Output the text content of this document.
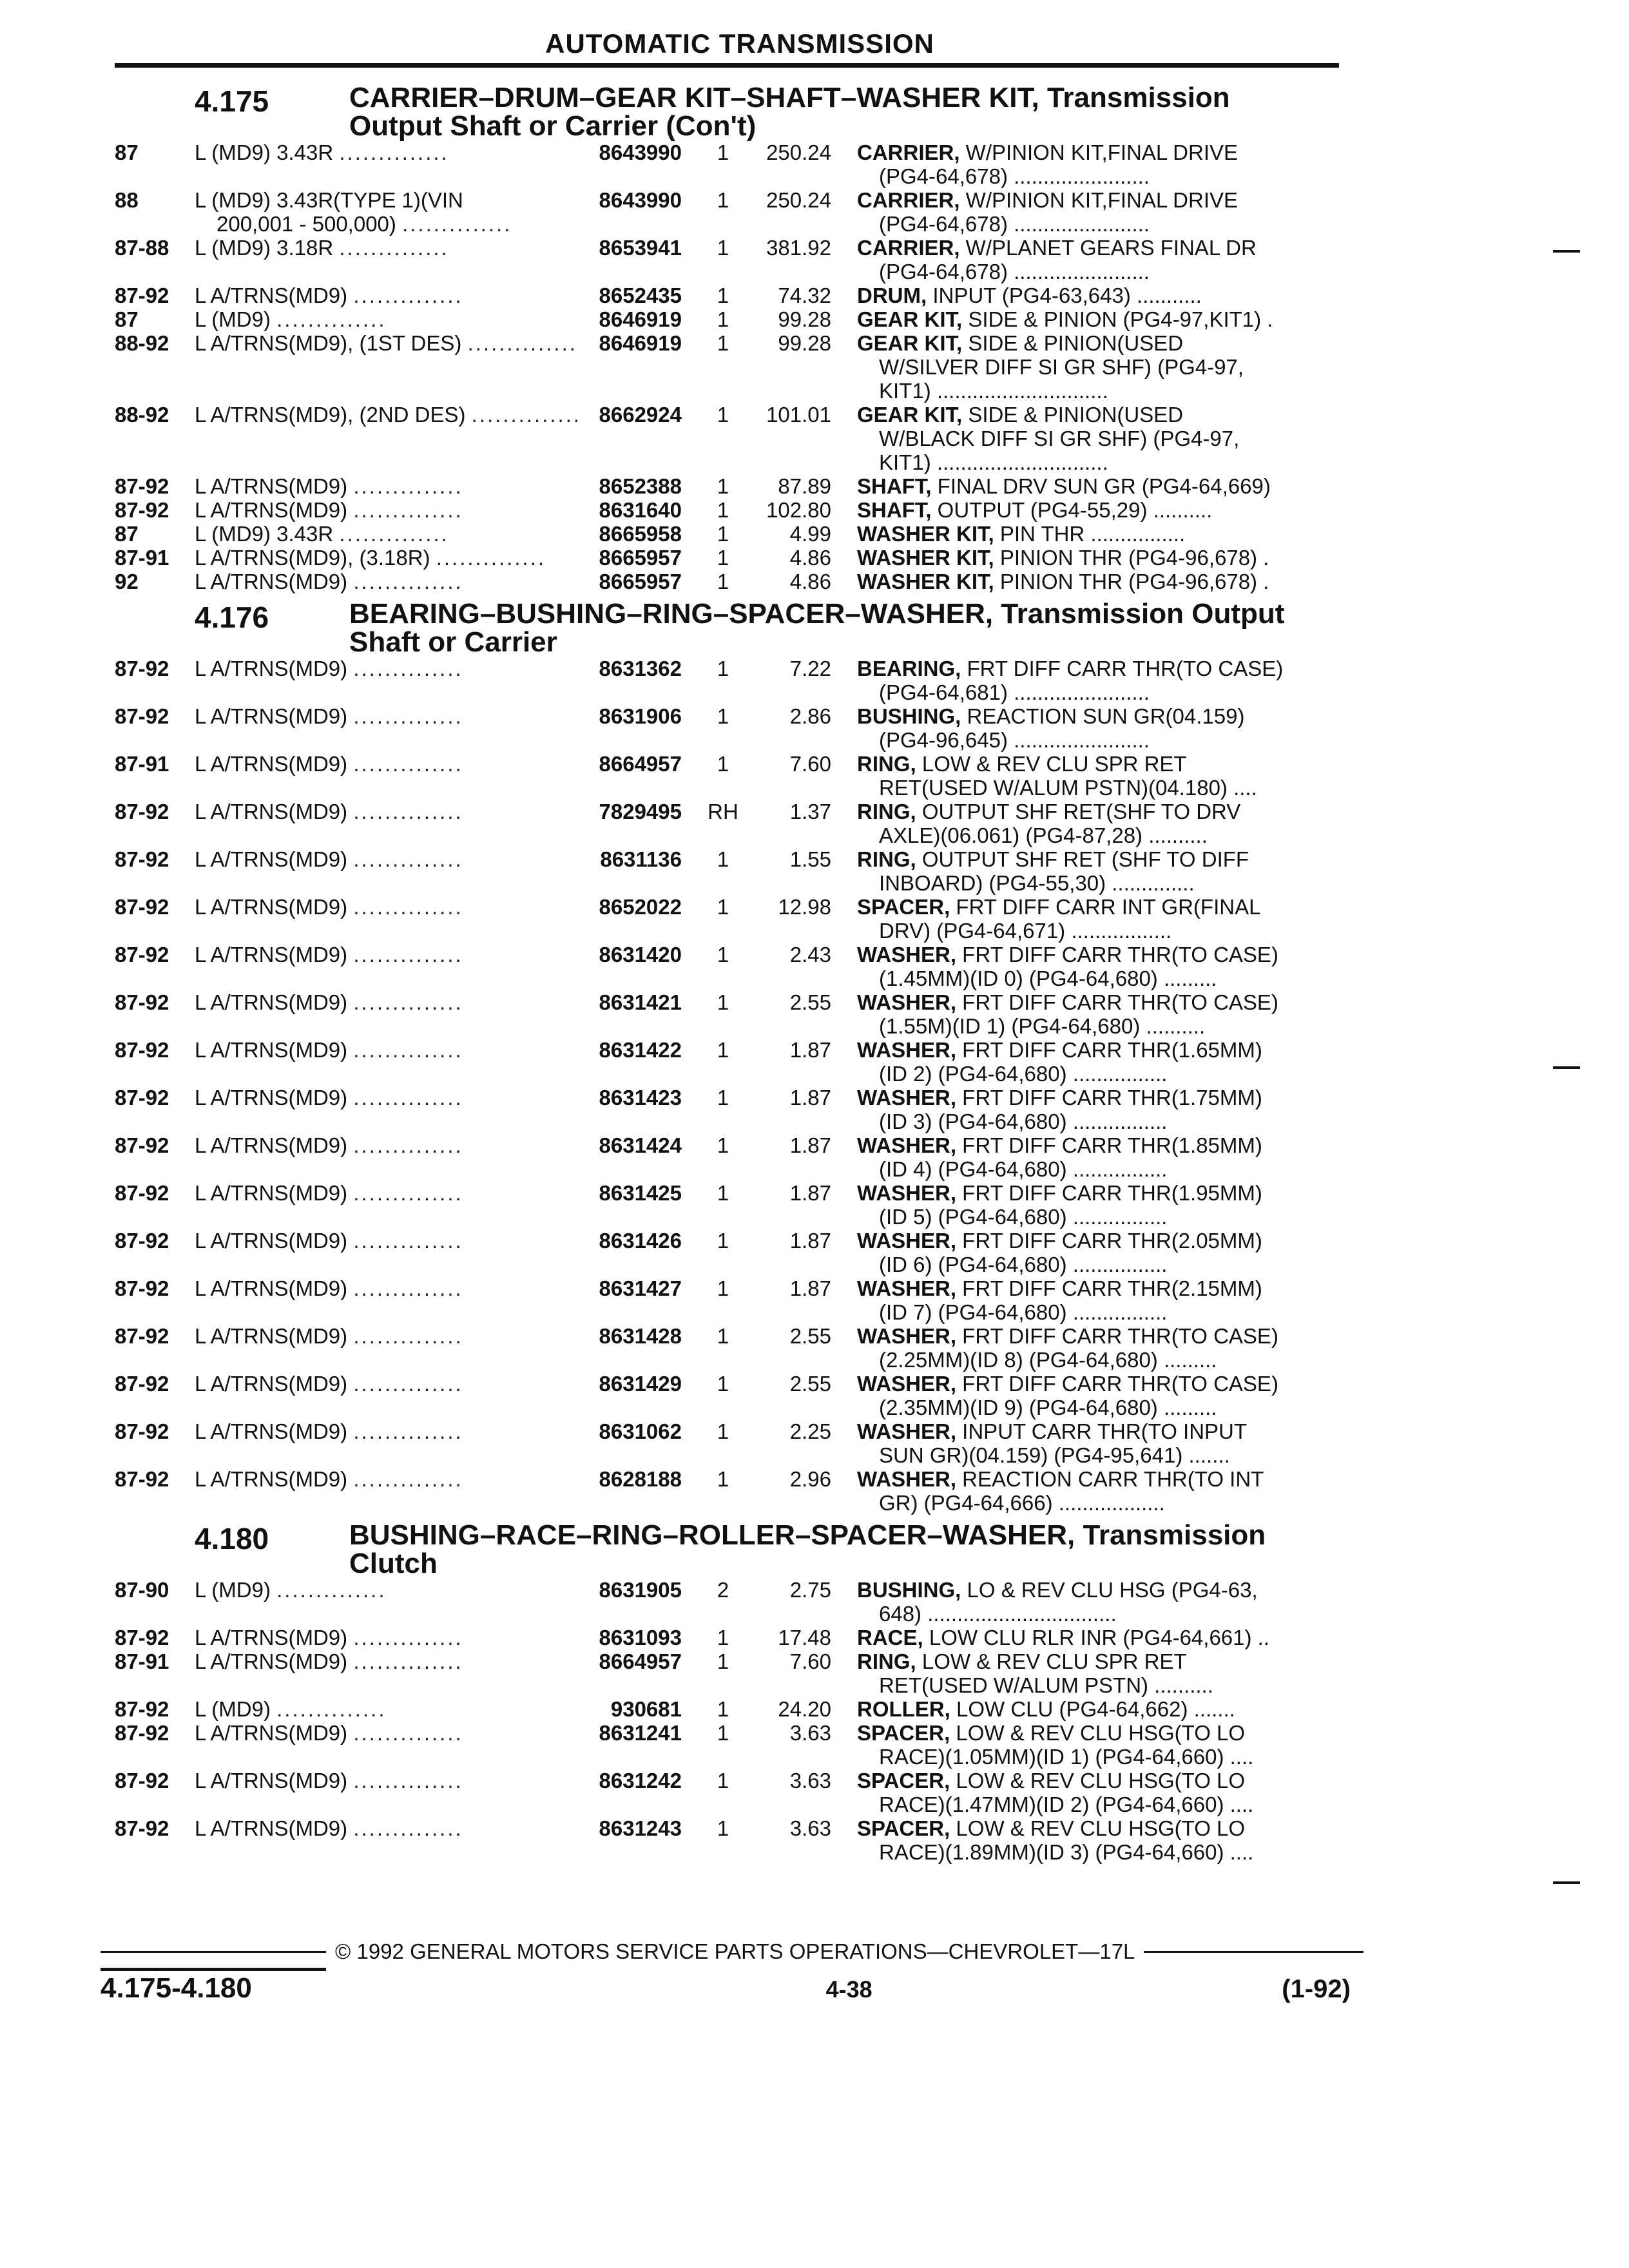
AUTOMATIC TRANSMISSION
4.175	CARRIER–DRUM–GEAR KIT–SHAFT–WASHER KIT, Transmission
Output Shaft or Carrier (Con't)
87	L (MD9) 3.43R ..............	8643990	1	250.24	CARRIER, W/PINION KIT,FINAL DRIVE
(PG4-64,678) .......................
88	L (MD9) 3.43R(TYPE 1)(VIN
200,001 - 500,000) ..............
8643990	1	250.24	CARRIER, W/PINION KIT,FINAL DRIVE
(PG4-64,678) .......................
87-88	L (MD9) 3.18R ..............	8653941	1	381.92	CARRIER, W/PLANET GEARS FINAL DR
(PG4-64,678) .......................
87-92	L A/TRNS(MD9) ..............	8652435	1	74.32	DRUM, INPUT (PG4-63,643) ...........
87	L (MD9) ..............	8646919	1	99.28	GEAR KIT, SIDE & PINION (PG4-97,KIT1) .
88-92	L A/TRNS(MD9), (1ST DES) ..............	8646919	1	99.28	GEAR KIT, SIDE & PINION(USED
W/SILVER DIFF SI GR SHF) (PG4-97,
KIT1) .............................
88-92	L A/TRNS(MD9), (2ND DES) .............. 8662924	1	101.01	GEAR KIT, SIDE & PINION(USED
W/BLACK DIFF SI GR SHF) (PG4-97,
KIT1) .............................
87-92	L A/TRNS(MD9) ..............	8652388	1	87.89	SHAFT, FINAL DRV SUN GR (PG4-64,669)
87-92	L A/TRNS(MD9) ..............	8631640	1	102.80	SHAFT, OUTPUT (PG4-55,29) ..........
87	L (MD9) 3.43R ..............	8665958	1	4.99	WASHER KIT, PIN THR ................
87-91	L A/TRNS(MD9), (3.18R) ..............	8665957	1	4.86	WASHER KIT, PINION THR (PG4-96,678) .
92	L A/TRNS(MD9) ..............	8665957	1	4.86	WASHER KIT, PINION THR (PG4-96,678) .
4.176	BEARING–BUSHING–RING–SPACER–WASHER, Transmission Output
Shaft or Carrier
87-92	L A/TRNS(MD9) ..............	8631362	1	7.22	BEARING, FRT DIFF CARR THR(TO CASE)
(PG4-64,681) .......................
87-92	L A/TRNS(MD9) ..............	8631906	1	2.86	BUSHING, REACTION SUN GR(04.159)
(PG4-96,645) .......................
87-91	L A/TRNS(MD9) ..............	8664957	1	7.60	RING, LOW & REV CLU SPR RET
RET(USED W/ALUM PSTN)(04.180) ....
87-92	L A/TRNS(MD9) ..............	7829495	RH	1.37	RING, OUTPUT SHF RET(SHF TO DRV
AXLE)(06.061) (PG4-87,28) ..........
87-92	L A/TRNS(MD9) ..............	8631136	1	1.55	RING, OUTPUT SHF RET (SHF TO DIFF
INBOARD) (PG4-55,30) ..............
87-92	L A/TRNS(MD9) ..............	8652022	1	12.98	SPACER, FRT DIFF CARR INT GR(FINAL
DRV) (PG4-64,671) .................
87-92	L A/TRNS(MD9) ..............	8631420	1	2.43	WASHER, FRT DIFF CARR THR(TO CASE)
(1.45MM)(ID 0) (PG4-64,680) .........
87-92	L A/TRNS(MD9) ..............	8631421	1	2.55	WASHER, FRT DIFF CARR THR(TO CASE)
(1.55M)(ID 1) (PG4-64,680) ..........
87-92	L A/TRNS(MD9) ..............	8631422	1	1.87	WASHER, FRT DIFF CARR THR(1.65MM)
(ID 2) (PG4-64,680) ................
87-92	L A/TRNS(MD9) ..............	8631423	1	1.87	WASHER, FRT DIFF CARR THR(1.75MM)
(ID 3) (PG4-64,680) ................
87-92	L A/TRNS(MD9) ..............	8631424	1	1.87	WASHER, FRT DIFF CARR THR(1.85MM)
(ID 4) (PG4-64,680) ................
87-92	L A/TRNS(MD9) ..............	8631425	1	1.87	WASHER, FRT DIFF CARR THR(1.95MM)
(ID 5) (PG4-64,680) ................
87-92	L A/TRNS(MD9) ..............	8631426	1	1.87	WASHER, FRT DIFF CARR THR(2.05MM)
(ID 6) (PG4-64,680) ................
87-92	L A/TRNS(MD9) ..............	8631427	1	1.87	WASHER, FRT DIFF CARR THR(2.15MM)
(ID 7) (PG4-64,680) ................
87-92	L A/TRNS(MD9) ..............	8631428	1	2.55	WASHER, FRT DIFF CARR THR(TO CASE)
(2.25MM)(ID 8) (PG4-64,680) .........
87-92	L A/TRNS(MD9) ..............	8631429	1	2.55	WASHER, FRT DIFF CARR THR(TO CASE)
(2.35MM)(ID 9) (PG4-64,680) .........
87-92	L A/TRNS(MD9) ..............	8631062	1	2.25	WASHER, INPUT CARR THR(TO INPUT
SUN GR)(04.159) (PG4-95,641) .......
87-92	L A/TRNS(MD9) ..............	8628188	1	2.96	WASHER, REACTION CARR THR(TO INT
GR) (PG4-64,666) ..................
4.180	BUSHING–RACE–RING–ROLLER–SPACER–WASHER, Transmission
Clutch
87-90	L (MD9) ..............	8631905	2	2.75	BUSHING, LO & REV CLU HSG (PG4-63,
648) ................................
87-92	L A/TRNS(MD9) ..............	8631093	1	17.48	RACE, LOW CLU RLR INR (PG4-64,661) ..
87-91	L A/TRNS(MD9) ..............	8664957	1	7.60	RING, LOW & REV CLU SPR RET
RET(USED W/ALUM PSTN) ..........
87-92	L (MD9) ..............	930681	1	24.20	ROLLER, LOW CLU (PG4-64,662) .......
87-92	L A/TRNS(MD9) ..............	8631241	1	3.63	SPACER, LOW & REV CLU HSG(TO LO
RACE)(1.05MM)(ID 1) (PG4-64,660) ....
87-92	L A/TRNS(MD9) ..............	8631242	1	3.63	SPACER, LOW & REV CLU HSG(TO LO
RACE)(1.47MM)(ID 2) (PG4-64,660) ....
87-92	L A/TRNS(MD9) ..............	8631243	1	3.63	SPACER, LOW & REV CLU HSG(TO LO
RACE)(1.89MM)(ID 3) (PG4-64,660) ....
© 1992 GENERAL MOTORS SERVICE PARTS OPERATIONS—CHEVROLET—17L
4.175-4.180	4-38	(1-92)
